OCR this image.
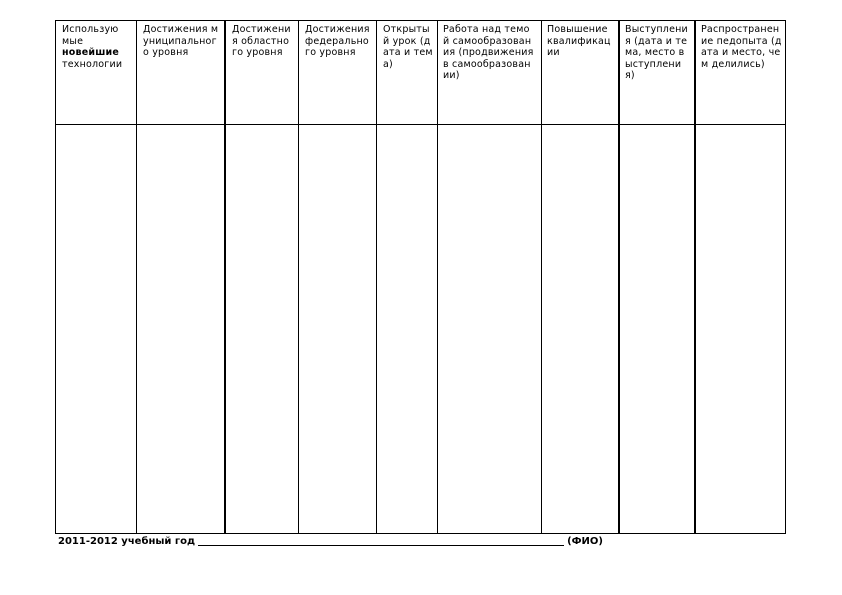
Использую
мые
новейшие
технологии
Достижения муниципального уровня
Достижения областного уровня
Достижения федерального уровня
Открытый урок (дата и тема)
Работа над темой самообразования (продвижения в самообразовании)
Повышение квалификации
Выступления (дата и тема, место выступления)
Распространение педопыта (дата и место, чем делились)
2011-2012 учебный год	(ФИО)
